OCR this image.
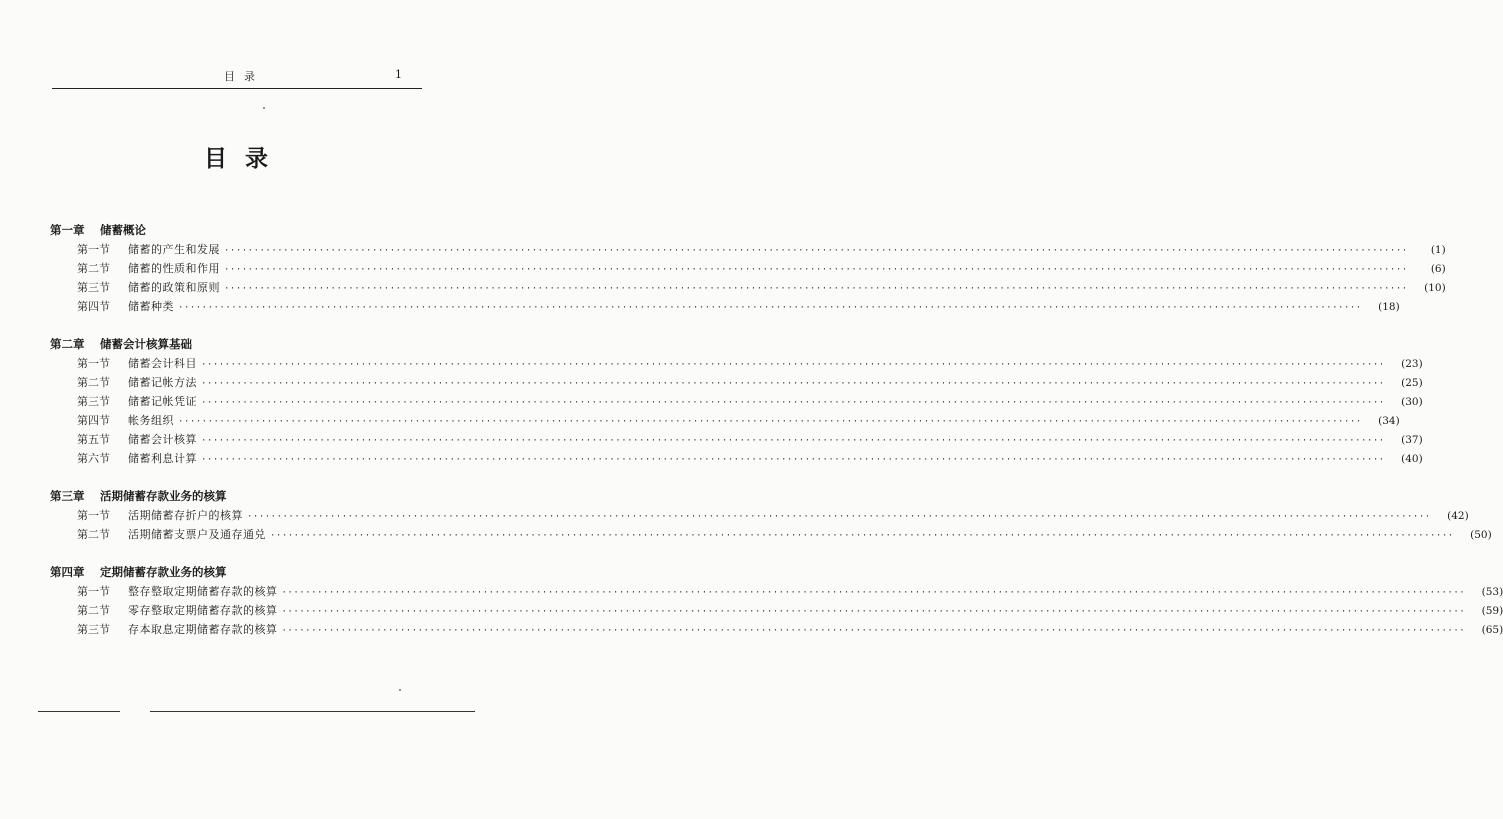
目录	1
目录
第一章 储蓄概论
第一节	储蓄的产生和发展 ········································································································································································································	(1)
第二节	储蓄的性质和作用 ········································································································································································································	(6)
第三节	储蓄的政策和原则 ········································································································································································································	(10)
第四节	储蓄种类 ········································································································································································································	(18)
第二章 储蓄会计核算基础
第一节	储蓄会计科目 ········································································································································································································	(23)
第二节	储蓄记帐方法 ········································································································································································································	(25)
第三节	储蓄记帐凭证 ········································································································································································································	(30)
第四节	帐务组织 ········································································································································································································	(34)
第五节	储蓄会计核算 ········································································································································································································	(37)
第六节	储蓄利息计算 ········································································································································································································	(40)
第三章 活期储蓄存款业务的核算
第一节	活期储蓄存折户的核算 ········································································································································································································	(42)
第二节	活期储蓄支票户及通存通兑 ········································································································································································································	(50)
第四章 定期储蓄存款业务的核算
第一节	整存整取定期储蓄存款的核算 ········································································································································································································	(53)
第二节	零存整取定期储蓄存款的核算 ········································································································································································································	(59)
第三节	存本取息定期储蓄存款的核算 ········································································································································································································	(65)
